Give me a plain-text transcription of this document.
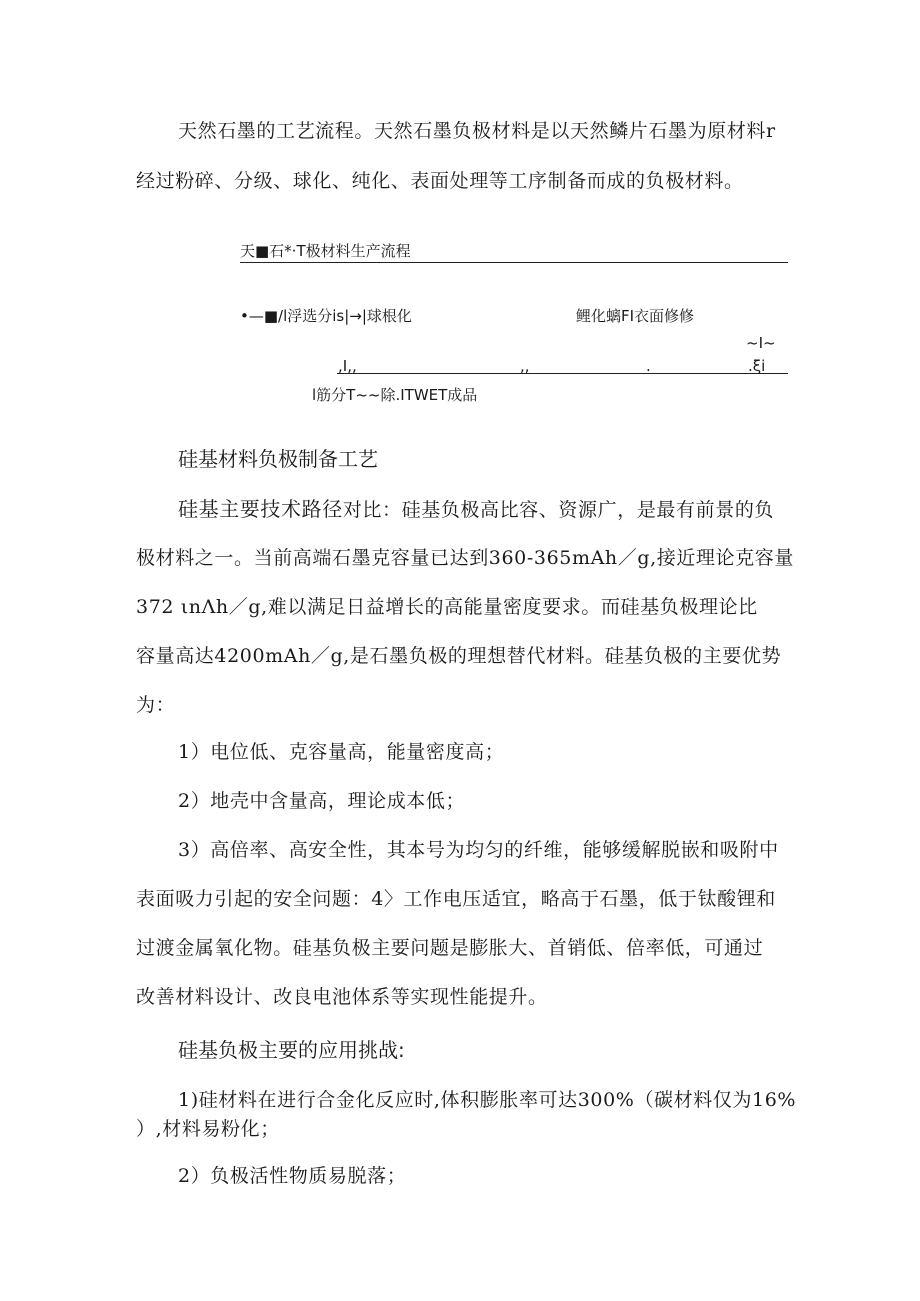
天然石墨的工艺流程。天然石墨负极材料是以天然鳞片石墨为原材料r

经过粉碎、分级、球化、纯化、表面处理等工序制备而成的负极材料。

天■石*·T极材料生产流程

•—■/l浮选分is|→|球根化	鲤化螭FI衣面修修

~I~

,I,,	,,	.	.ξi

l筋分T~~除.ITWET成品

硅基材料负极制备工艺

硅基主要技术路径对比：硅基负极高比容、资源广，是最有前景的负

极材料之一。当前高端石墨克容量已达到360-365mAh／g,接近理论克容量

372 ιnΛh／g,难以满足日益增长的高能量密度要求。而硅基负极理论比

容量高达4200mAh／g,是石墨负极的理想替代材料。硅基负极的主要优势

为：

1）电位低、克容量高，能量密度高；

2）地壳中含量高，理论成本低；

3）高倍率、高安全性，其本号为均匀的纤维，能够缓解脱嵌和吸附中

表面吸力引起的安全问题：4〉工作电压适宜，略高于石墨，低于钛酸锂和

过渡金属氧化物。硅基负极主要问题是膨胀大、首销低、倍率低，可通过

改善材料设计、改良电池体系等实现性能提升。

硅基负极主要的应用挑战:

1)硅材料在进行合金化反应时,体积膨胀率可达300%（碳材料仅为16%

）,材料易粉化；

2）负极活性物质易脱落；
